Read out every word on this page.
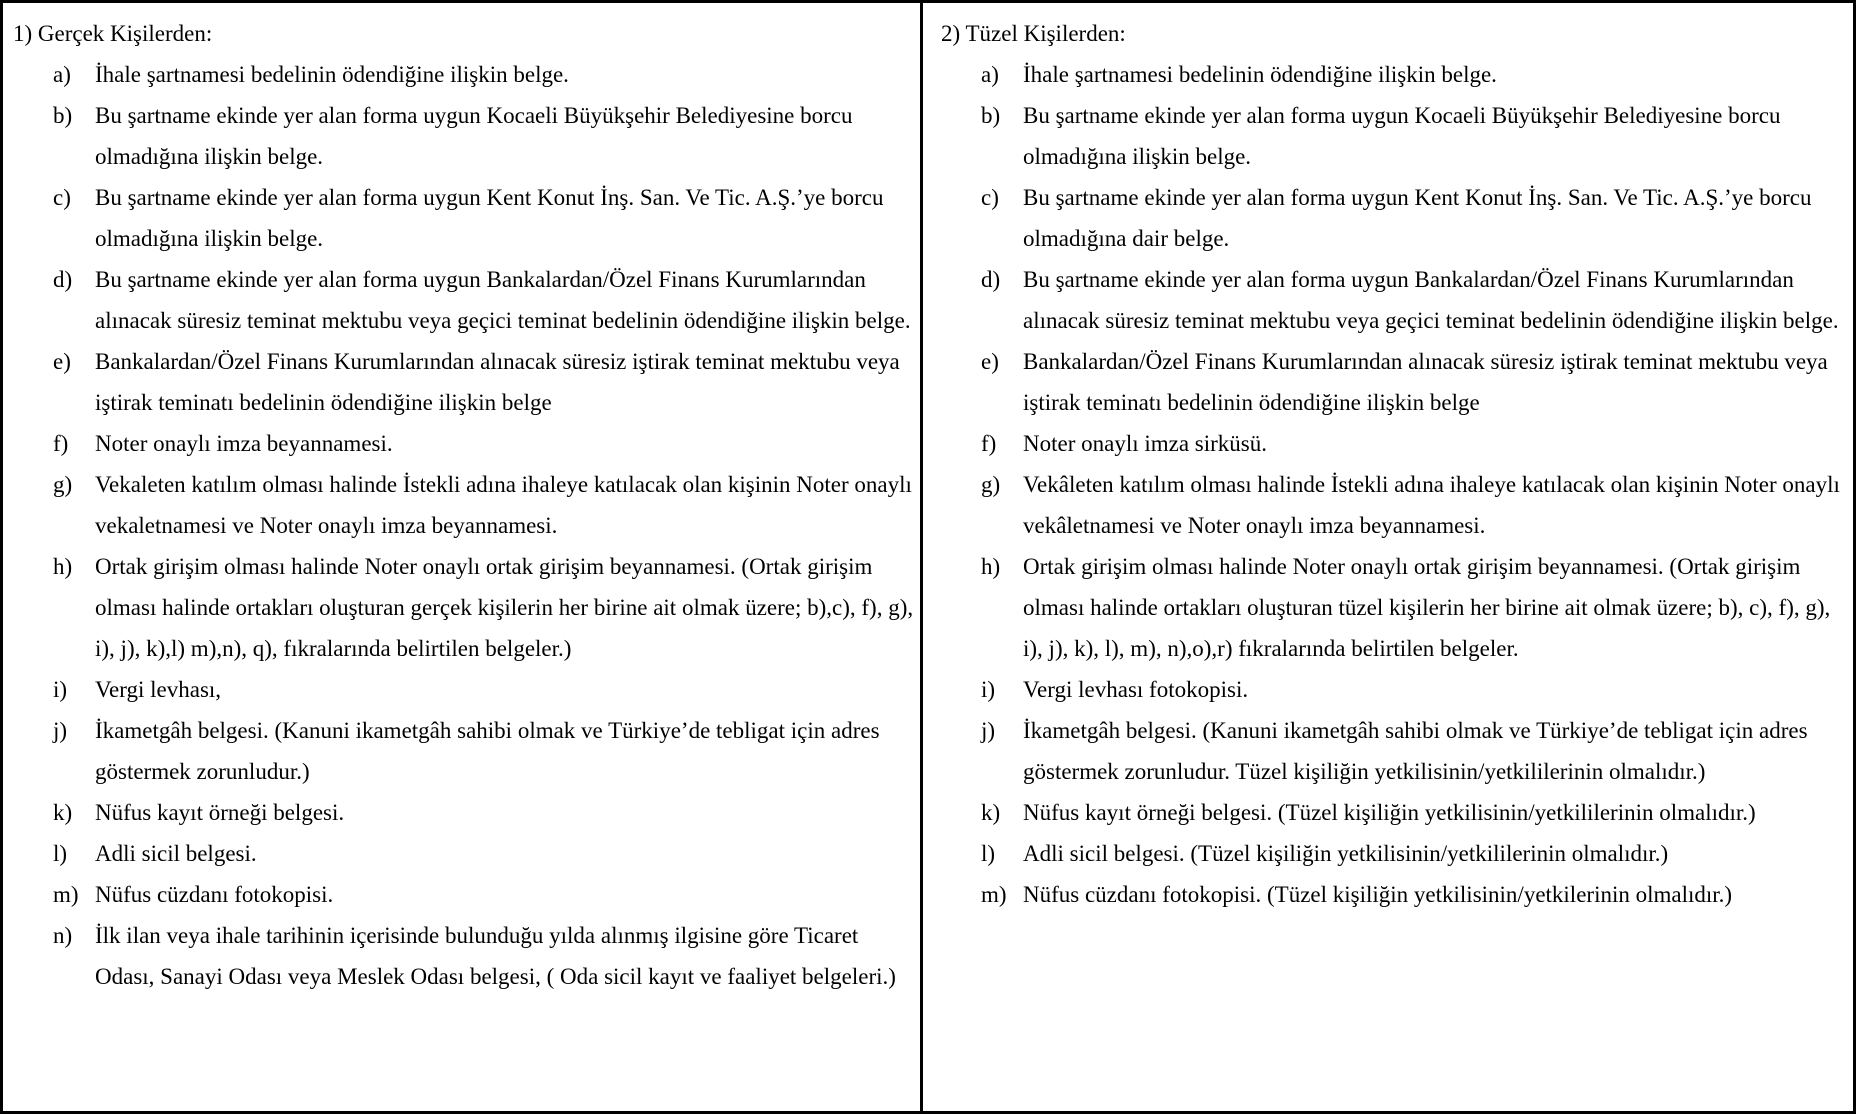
1) Gerçek Kişilerden:
a) İhale şartnamesi bedelinin ödendiğine ilişkin belge.
b) Bu şartname ekinde yer alan forma uygun Kocaeli Büyükşehir Belediyesine borcu olmadığına ilişkin belge.
c) Bu şartname ekinde yer alan forma uygun Kent Konut İnş. San. Ve Tic. A.Ş.’ye borcu olmadığına ilişkin belge.
d) Bu şartname ekinde yer alan forma uygun Bankalardan/Özel Finans Kurumlarından alınacak süresiz teminat mektubu veya geçici teminat bedelinin ödendiğine ilişkin belge.
e) Bankalardan/Özel Finans Kurumlarından alınacak süresiz iştirak teminat mektubu veya iştirak teminatı bedelinin ödendiğine ilişkin belge
f) Noter onaylı imza beyannamesi.
g) Vekaleten katılım olması halinde İstekli adına ihaleye katılacak olan kişinin Noter onaylı vekaletnamesi ve Noter onaylı imza beyannamesi.
h) Ortak girişim olması halinde Noter onaylı ortak girişim beyannamesi. (Ortak girişim olması halinde ortakları oluşturan gerçek kişilerin her birine ait olmak üzere; b),c), f), g), i), j), k),l) m),n), q), fıkralarında belirtilen belgeler.)
i) Vergi levhası,
j) İkametgâh belgesi. (Kanuni ikametgâh sahibi olmak ve Türkiye’de tebligat için adres göstermek zorunludur.)
k) Nüfus kayıt örneği belgesi.
l) Adli sicil belgesi.
m) Nüfus cüzdanı fotokopisi.
n) İlk ilan veya ihale tarihinin içerisinde bulunduğu yılda alınmış ilgisine göre Ticaret Odası, Sanayi Odası veya Meslek Odası belgesi, ( Oda sicil kayıt ve faaliyet belgeleri.)
2) Tüzel Kişilerden:
a) İhale şartnamesi bedelinin ödendiğine ilişkin belge.
b) Bu şartname ekinde yer alan forma uygun Kocaeli Büyükşehir Belediyesine borcu olmadığına ilişkin belge.
c) Bu şartname ekinde yer alan forma uygun Kent Konut İnş. San. Ve Tic. A.Ş.’ye borcu olmadığına dair belge.
d) Bu şartname ekinde yer alan forma uygun Bankalardan/Özel Finans Kurumlarından alınacak süresiz teminat mektubu veya geçici teminat bedelinin ödendiğine ilişkin belge.
e) Bankalardan/Özel Finans Kurumlarından alınacak süresiz iştirak teminat mektubu veya iştirak teminatı bedelinin ödendiğine ilişkin belge
f) Noter onaylı imza sirküsü.
g) Vekâleten katılım olması halinde İstekli adına ihaleye katılacak olan kişinin Noter onaylı vekâletnamesi ve Noter onaylı imza beyannamesi.
h) Ortak girişim olması halinde Noter onaylı ortak girişim beyannamesi. (Ortak girişim olması halinde ortakları oluşturan tüzel kişilerin her birine ait olmak üzere; b), c), f), g), i), j), k), l), m), n),o),r) fıkralarında belirtilen belgeler.
i) Vergi levhası fotokopisi.
j) İkametgâh belgesi. (Kanuni ikametgâh sahibi olmak ve Türkiye’de tebligat için adres göstermek zorunludur. Tüzel kişiliğin yetkilisinin/yetkililerinin olmalıdır.)
k) Nüfus kayıt örneği belgesi. (Tüzel kişiliğin yetkilisinin/yetkililerinin olmalıdır.)
l) Adli sicil belgesi. (Tüzel kişiliğin yetkilisinin/yetkililerinin olmalıdır.)
m) Nüfus cüzdanı fotokopisi. (Tüzel kişiliğin yetkilisinin/yetkilerinin olmalıdır.)
